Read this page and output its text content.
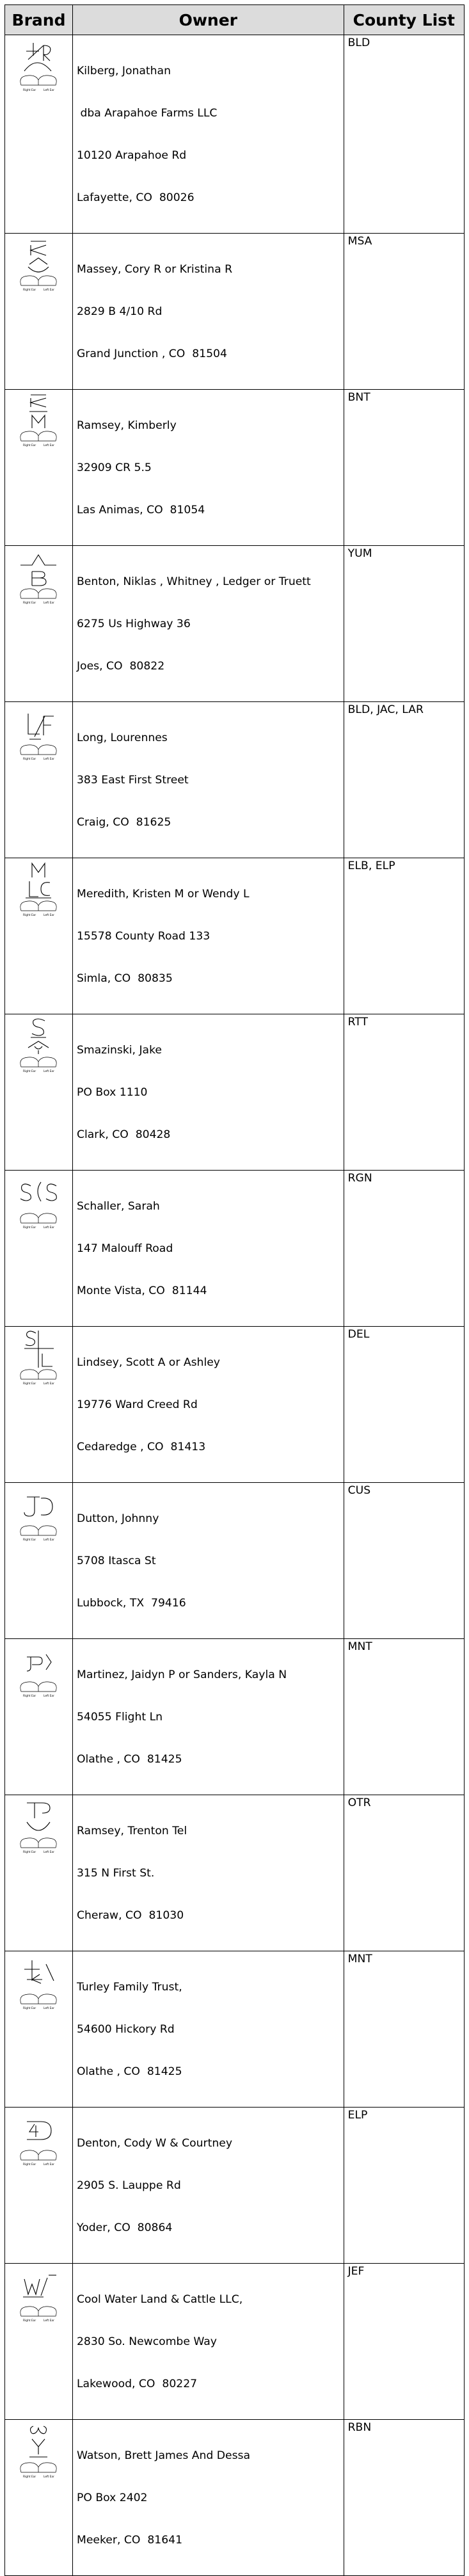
Brand	Owner	County List

Right Ear Left Ear	Kilberg, Jonathan

dba Arapahoe Farms LLC

10120 Arapahoe Rd

Lafayette, CO  80026	BLD

Right Ear Left Ear	Massey, Cory R or Kristina R

2829 B 4/10 Rd

Grand Junction , CO  81504	MSA

Right Ear Left Ear	Ramsey, Kimberly

32909 CR 5.5

Las Animas, CO  81054	BNT

Right Ear Left Ear	Benton, Niklas , Whitney , Ledger or Truett

6275 Us Highway 36

Joes, CO  80822	YUM

Right Ear Left Ear	Long, Lourennes

383 East First Street

Craig, CO  81625	BLD, JAC, LAR

Right Ear Left Ear	Meredith, Kristen M or Wendy L

15578 County Road 133

Simla, CO  80835	ELB, ELP

Right Ear Left Ear	Smazinski, Jake

PO Box 1110

Clark, CO  80428	RTT

Right Ear Left Ear	Schaller, Sarah

147 Malouff Road

Monte Vista, CO  81144	RGN

Right Ear Left Ear	Lindsey, Scott A or Ashley

19776 Ward Creed Rd

Cedaredge , CO  81413	DEL

Right Ear Left Ear	Dutton, Johnny

5708 Itasca St

Lubbock, TX  79416	CUS

Right Ear Left Ear	Martinez, Jaidyn P or Sanders, Kayla N

54055 Flight Ln

Olathe , CO  81425	MNT

Right Ear Left Ear	Ramsey, Trenton Tel

315 N First St.

Cheraw, CO  81030	OTR

Right Ear Left Ear	Turley Family Trust,

54600 Hickory Rd

Olathe , CO  81425	MNT

Right Ear Left Ear	Denton, Cody W & Courtney

2905 S. Lauppe Rd

Yoder, CO  80864	ELP

Right Ear Left Ear	Cool Water Land & Cattle LLC,

2830 So. Newcombe Way

Lakewood, CO  80227	JEF

Right Ear Left Ear	Watson, Brett James And Dessa

PO Box 2402

Meeker, CO  81641	RBN
